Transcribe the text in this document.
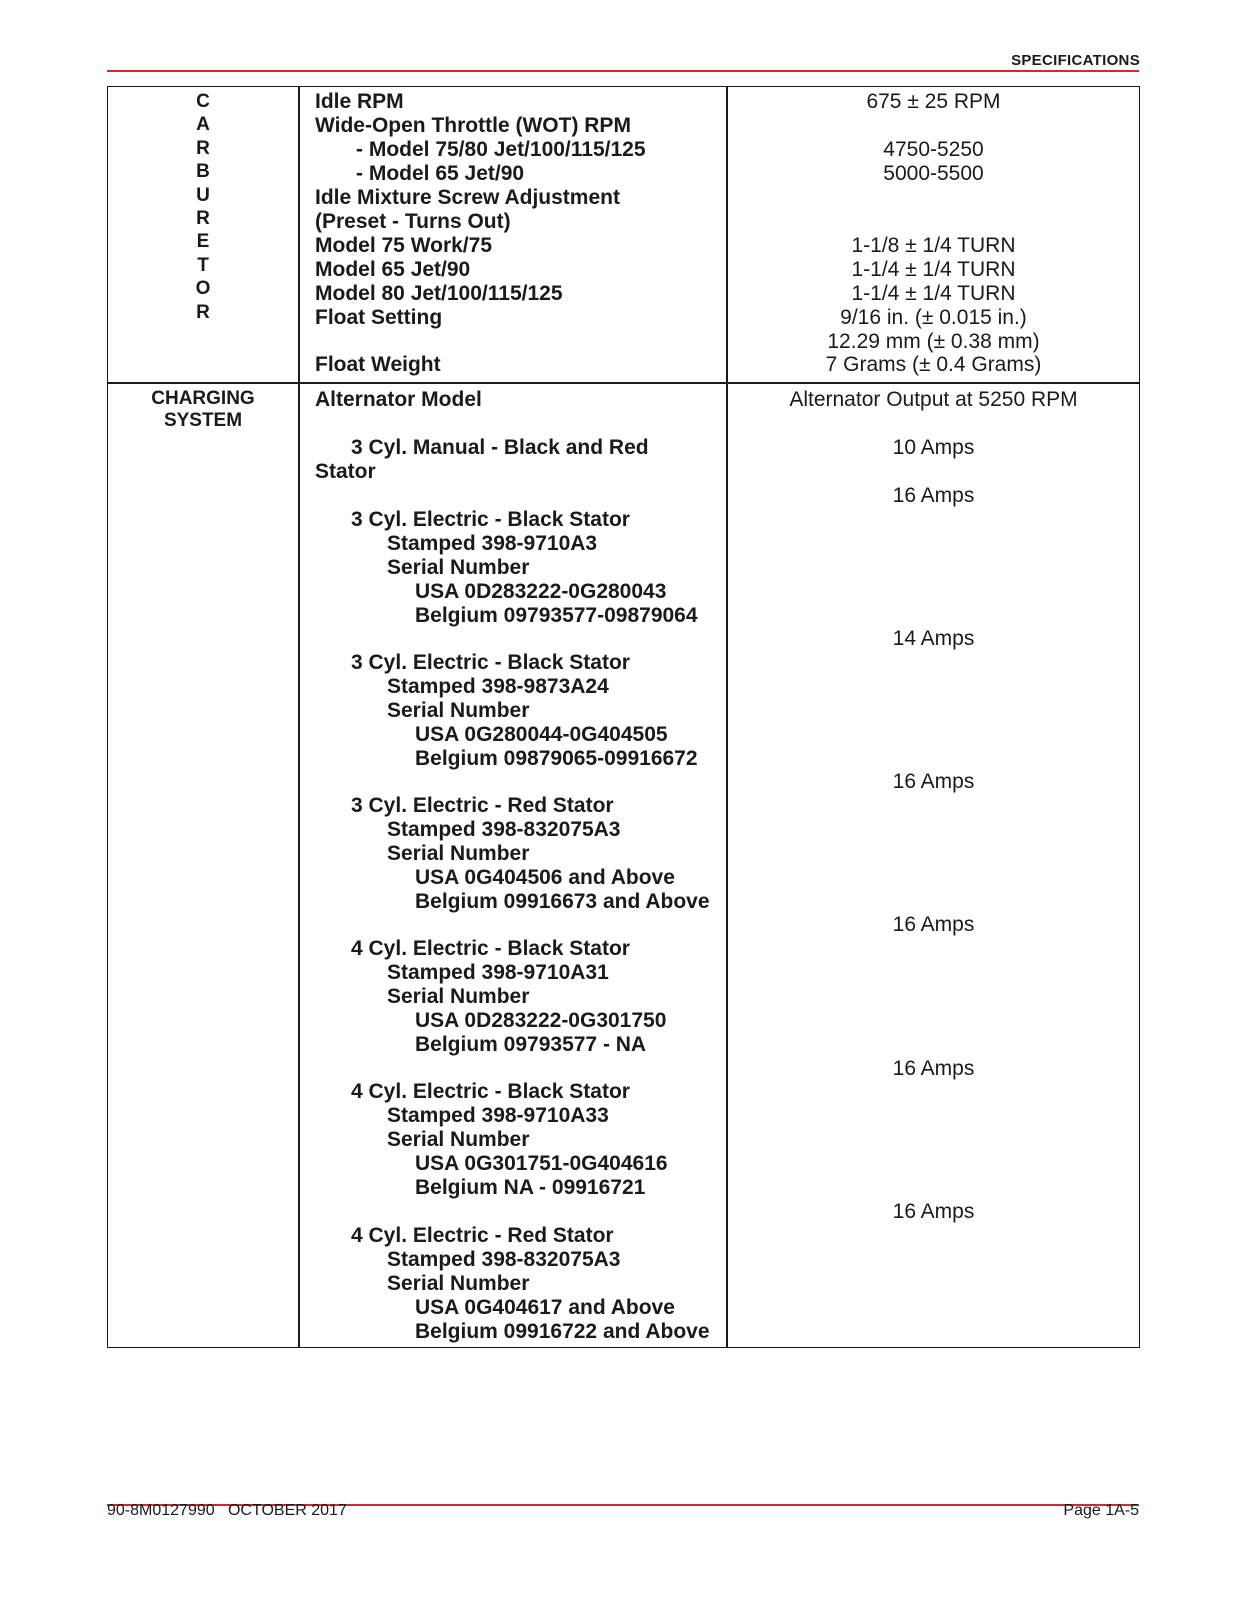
SPECIFICATIONS
C
A
R
B
U
R
E
T
O
R
Idle RPM
Wide-Open Throttle (WOT) RPM
- Model 75/80 Jet/100/115/125
- Model 65 Jet/90
Idle Mixture Screw Adjustment
(Preset - Turns Out)
Model 75 Work/75
Model 65 Jet/90
Model 80 Jet/100/115/125
Float Setting
Float Weight
675 ± 25 RPM
4750-5250
5000-5500
1-1/8 ± 1/4 TURN
1-1/4 ± 1/4 TURN
1-1/4 ± 1/4 TURN
9/16 in. (± 0.015 in.)
12.29 mm (± 0.38 mm)
7 Grams (± 0.4 Grams)
CHARGING
SYSTEM
Alternator Model	Alternator Output at 5250 RPM
3 Cyl. Manual - Black and Red
Stator
10 Amps
16 Amps
3 Cyl. Electric - Black Stator
Stamped 398-9710A3
Serial Number
USA 0D283222-0G280043
Belgium 09793577-09879064
14 Amps
3 Cyl. Electric - Black Stator
Stamped 398-9873A24
Serial Number
USA 0G280044-0G404505
Belgium 09879065-09916672
16 Amps
3 Cyl. Electric - Red Stator
Stamped 398-832075A3
Serial Number
USA 0G404506 and Above
Belgium 09916673 and Above
16 Amps
4 Cyl. Electric - Black Stator
Stamped 398-9710A31
Serial Number
USA 0D283222-0G301750
Belgium 09793577 - NA
16 Amps
4 Cyl. Electric - Black Stator
Stamped 398-9710A33
Serial Number
USA 0G301751-0G404616
Belgium NA - 09916721
16 Amps
4 Cyl. Electric - Red Stator
Stamped 398-832075A3
Serial Number
USA 0G404617 and Above
Belgium 09916722 and Above
90-8M0127990   OCTOBER 2017	Page 1A-5
